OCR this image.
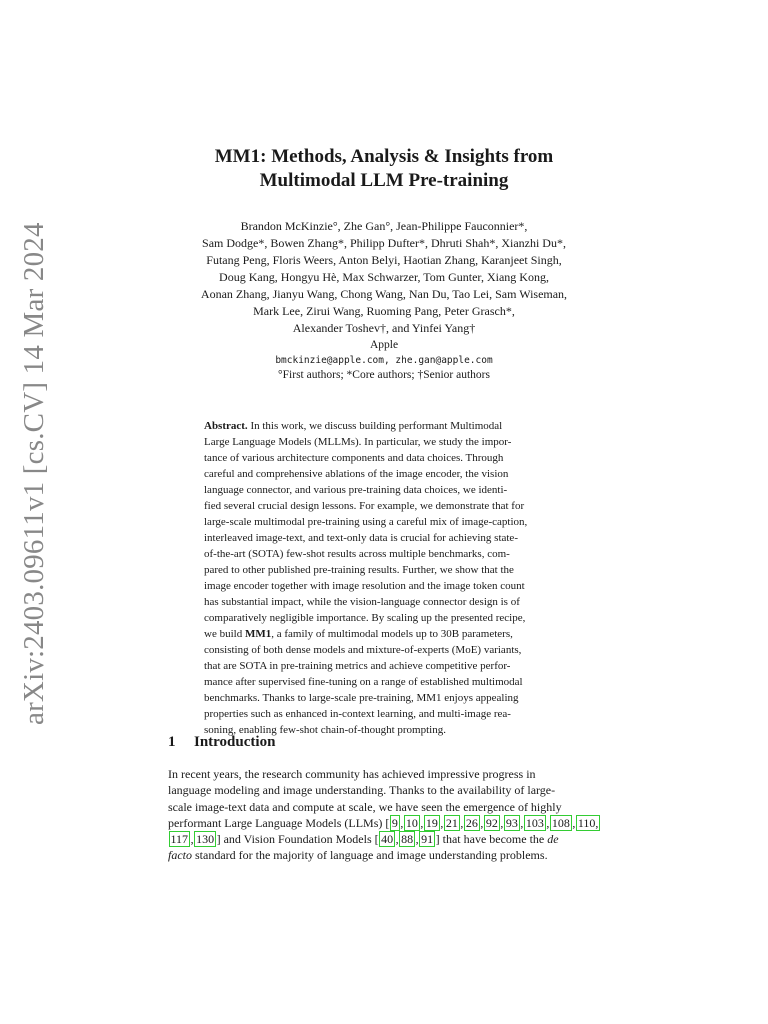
arXiv:2403.09611v1 [cs.CV] 14 Mar 2024
MM1: Methods, Analysis & Insights from
Multimodal LLM Pre-training
Brandon McKinzie°, Zhe Gan°, Jean-Philippe Fauconnier*,
Sam Dodge*, Bowen Zhang*, Philipp Dufter*, Dhruti Shah*, Xianzhi Du*,
Futang Peng, Floris Weers, Anton Belyi, Haotian Zhang, Karanjeet Singh,
Doug Kang, Hongyu Hè, Max Schwarzer, Tom Gunter, Xiang Kong,
Aonan Zhang, Jianyu Wang, Chong Wang, Nan Du, Tao Lei, Sam Wiseman,
Mark Lee, Zirui Wang, Ruoming Pang, Peter Grasch*,
Alexander Toshev†, and Yinfei Yang†
Apple
bmckinzie@apple.com, zhe.gan@apple.com
°First authors; *Core authors; †Senior authors
Abstract. In this work, we discuss building performant Multimodal
Large Language Models (MLLMs). In particular, we study the impor-
tance of various architecture components and data choices. Through
careful and comprehensive ablations of the image encoder, the vision
language connector, and various pre-training data choices, we identi-
fied several crucial design lessons. For example, we demonstrate that for
large-scale multimodal pre-training using a careful mix of image-caption,
interleaved image-text, and text-only data is crucial for achieving state-
of-the-art (SOTA) few-shot results across multiple benchmarks, com-
pared to other published pre-training results. Further, we show that the
image encoder together with image resolution and the image token count
has substantial impact, while the vision-language connector design is of
comparatively negligible importance. By scaling up the presented recipe,
we build MM1, a family of multimodal models up to 30B parameters,
consisting of both dense models and mixture-of-experts (MoE) variants,
that are SOTA in pre-training metrics and achieve competitive perfor-
mance after supervised fine-tuning on a range of established multimodal
benchmarks. Thanks to large-scale pre-training, MM1 enjoys appealing
properties such as enhanced in-context learning, and multi-image rea-
soning, enabling few-shot chain-of-thought prompting.
1 Introduction
In recent years, the research community has achieved impressive progress in
language modeling and image understanding. Thanks to the availability of large-
scale image-text data and compute at scale, we have seen the emergence of highly
performant Large Language Models (LLMs) [ 9 , 10 , 19 , 21 , 26 , 92 , 93 , 103 , 108 , 110,
117 , 130 ] and Vision Foundation Models [ 40 , 88 , 91 ] that have become the de
facto standard for the majority of language and image understanding problems.
